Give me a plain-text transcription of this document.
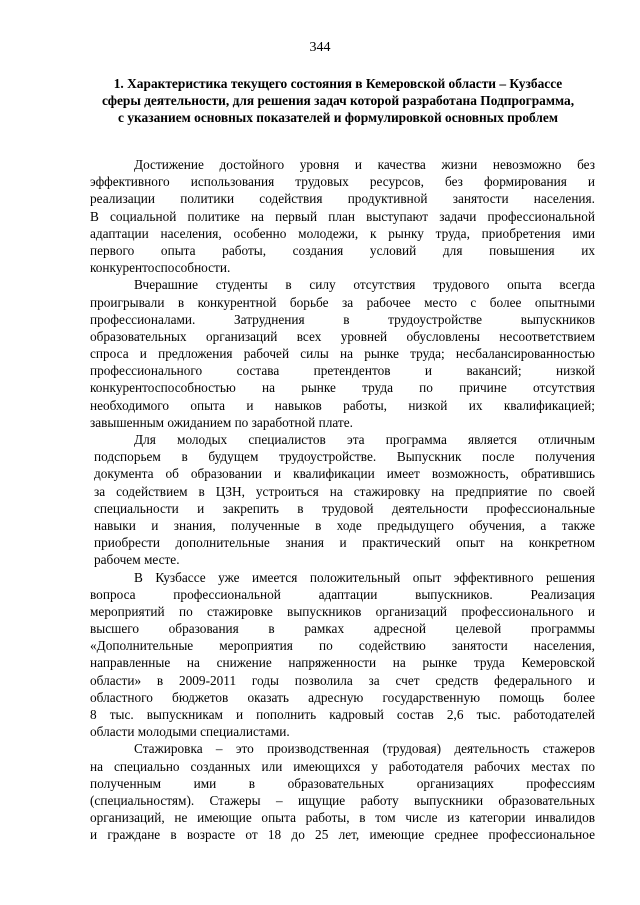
344
1. Характеристика текущего состояния в Кемеровской области – Кузбассе
сферы деятельности, для решения задач которой разработана Подпрограмма,
с указанием основных показателей и формулировкой основных проблем
Достижение достойного уровня и качества жизни невозможно без
эффективного использования трудовых ресурсов, без формирования и
реализации политики содействия продуктивной занятости населения.
В социальной политике на первый план выступают задачи профессиональной
адаптации населения, особенно молодежи, к рынку труда, приобретения ими
первого опыта работы, создания условий для повышения их
конкурентоспособности.
Вчерашние студенты в силу отсутствия трудового опыта всегда
проигрывали в конкурентной борьбе за рабочее место с более опытными
профессионалами. Затруднения в трудоустройстве выпускников
образовательных организаций всех уровней обусловлены несоответствием
спроса и предложения рабочей силы на рынке труда; несбалансированностью
профессионального состава претендентов и вакансий; низкой
конкурентоспособностью на рынке труда по причине отсутствия
необходимого опыта и навыков работы, низкой их квалификацией;
завышенным ожиданием по заработной плате.
Для молодых специалистов эта программа является отличным
подспорьем в будущем трудоустройстве. Выпускник после получения
документа об образовании и квалификации имеет возможность, обратившись
за содействием в ЦЗН, устроиться на стажировку на предприятие по своей
специальности и закрепить в трудовой деятельности профессиональные
навыки и знания, полученные в ходе предыдущего обучения, а также
приобрести дополнительные знания и практический опыт на конкретном
рабочем месте.
В Кузбассе уже имеется положительный опыт эффективного решения
вопроса профессиональной адаптации выпускников. Реализация
мероприятий по стажировке выпускников организаций профессионального и
высшего образования в рамках адресной целевой программы
«Дополнительные мероприятия по содействию занятости населения,
направленные на снижение напряженности на рынке труда Кемеровской
области» в 2009-2011 годы позволила за счет средств федерального и
областного бюджетов оказать адресную государственную помощь более
8 тыс. выпускникам и пополнить кадровый состав 2,6 тыс. работодателей
области молодыми специалистами.
Стажировка – это производственная (трудовая) деятельность стажеров
на специально созданных или имеющихся у работодателя рабочих местах по
полученным ими в образовательных организациях профессиям
(специальностям). Стажеры – ищущие работу выпускники образовательных
организаций, не имеющие опыта работы, в том числе из категории инвалидов
и граждане в возрасте от 18 до 25 лет, имеющие среднее профессиональное
